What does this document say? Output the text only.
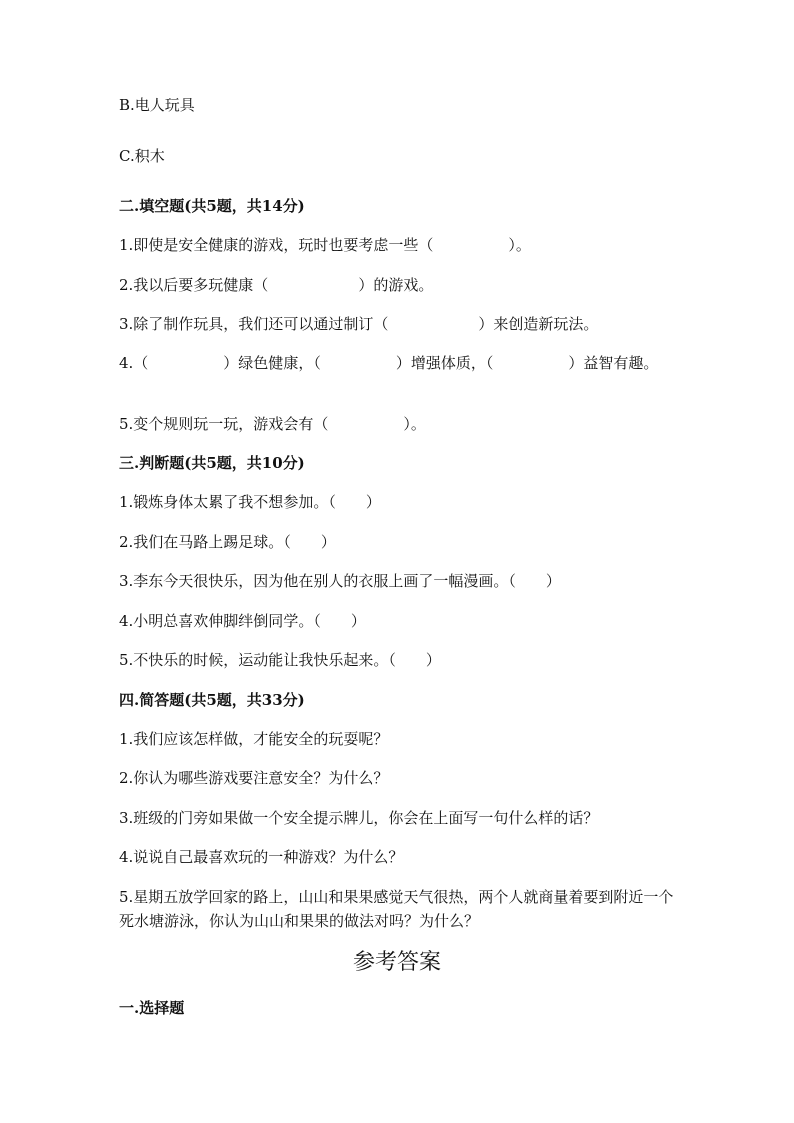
B.电人玩具
C.积木
二.填空题(共5题，共14分)
1.即使是安全健康的游戏，玩时也要考虑一些（　　　　　）。
2.我以后要多玩健康（　　　　　　）的游戏。
3.除了制作玩具，我们还可以通过制订（　　　　　　）来创造新玩法。
4.（　　　　　）绿色健康，（　　　　　）增强体质，（　　　　　）益智有趣。
5.变个规则玩一玩，游戏会有（　　　　　）。
三.判断题(共5题，共10分)
1.锻炼身体太累了我不想参加。（　　）
2.我们在马路上踢足球。（　　）
3.李东今天很快乐，因为他在别人的衣服上画了一幅漫画。（　　）
4.小明总喜欢伸脚绊倒同学。（　　）
5.不快乐的时候，运动能让我快乐起来。（　　）
四.简答题(共5题，共33分)
1.我们应该怎样做，才能安全的玩耍呢？
2.你认为哪些游戏要注意安全？为什么？
3.班级的门旁如果做一个安全提示牌儿，你会在上面写一句什么样的话？
4.说说自己最喜欢玩的一种游戏？为什么？
5.星期五放学回家的路上，山山和果果感觉天气很热，两个人就商量着要到附近一个死水塘游泳，你认为山山和果果的做法对吗？为什么？
参考答案
一.选择题
